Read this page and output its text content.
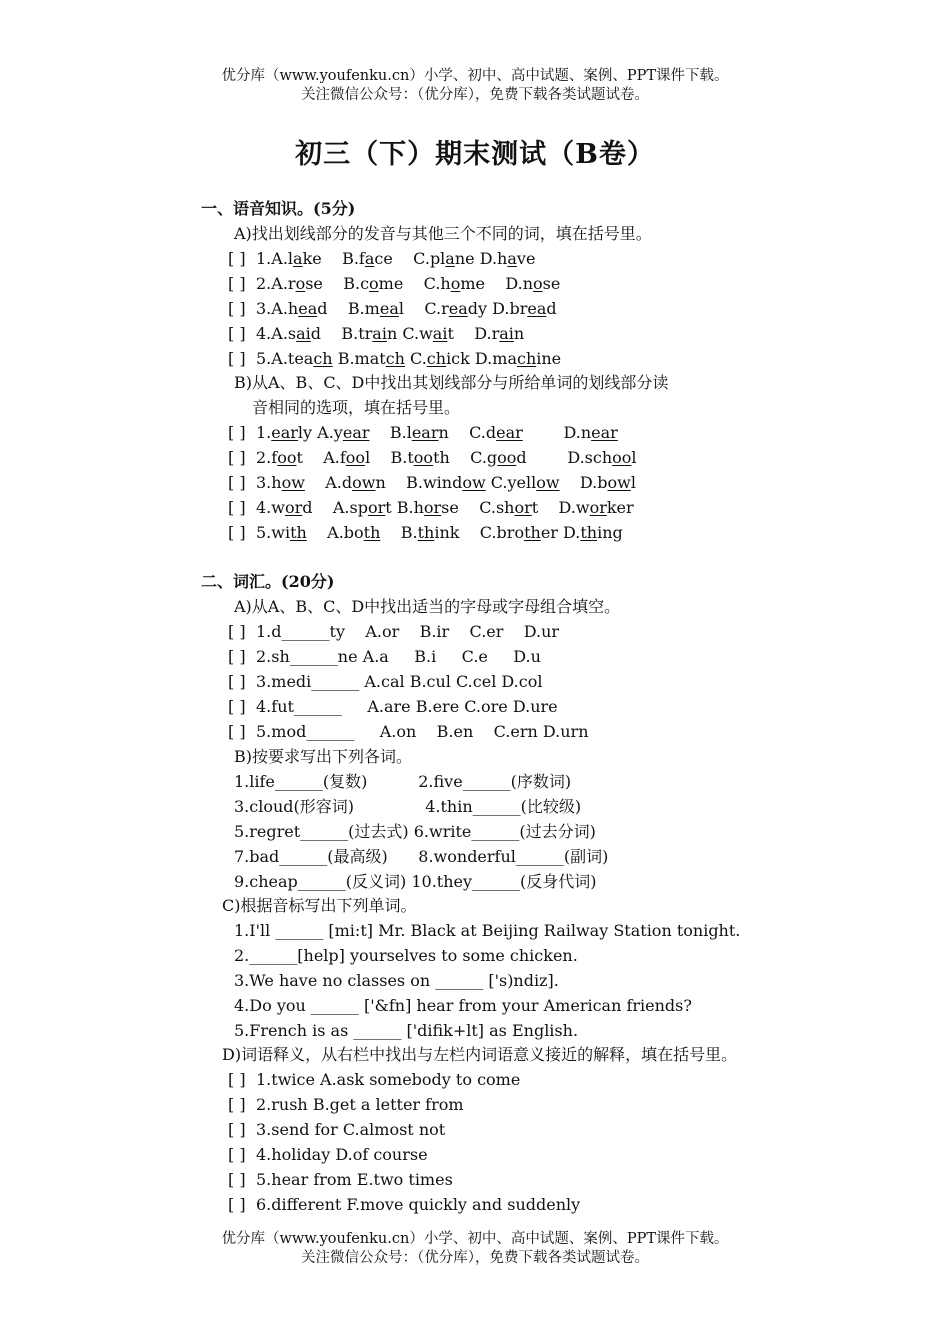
优分库（www.youfenku.cn）小学、初中、高中试题、案例、PPT课件下载。
关注微信公众号：（优分库），免费下载各类试题试卷。
初三（下）期末测试（B卷）
一、语音知识。(5分)
A)找出划线部分的发音与其他三个不同的词，填在括号里。
[ ] 1.A.lake    B.face    C.plane D.have
[ ] 2.A.rose    B.come    C.home    D.nose
[ ] 3.A.head    B.meal    C.ready D.bread
[ ] 4.A.said    B.train C.wait    D.rain
[ ] 5.A.teach B.match C.chick D.machine
B)从A、B、C、D中找出其划线部分与所给单词的划线部分读
音相同的选项，填在括号里。
[ ] 1.early A.year    B.learn    C.dear        D.near
[ ] 2.foot    A.fool    B.tooth    C.good        D.school
[ ] 3.how    A.down    B.window C.yellow    D.bowl
[ ] 4.word    A.sport B.horse    C.short    D.worker
[ ] 5.with    A.both    B.think    C.brother D.thing
二、词汇。(20分)
A)从A、B、C、D中找出适当的字母或字母组合填空。
[ ] 1.d______ty    A.or    B.ir    C.er    D.ur
[ ] 2.sh______ne A.a     B.i     C.e     D.u
[ ] 3.medi______ A.cal B.cul C.cel D.col
[ ] 4.fut______     A.are B.ere C.ore D.ure
[ ] 5.mod______     A.on    B.en    C.ern D.urn
B)按要求写出下列各词。
1.life______(复数)          2.five______(序数词)
3.cloud(形容词)              4.thin______(比较级)
5.regret______(过去式) 6.write______(过去分词)
7.bad______(最高级)      8.wonderful______(副词)
9.cheap______(反义词) 10.they______(反身代词)
C)根据音标写出下列单词。
1.I'll ______ [mi:t] Mr. Black at Beijing Railway Station tonight.
2.______[help] yourselves to some chicken.
3.We have no classes on ______ ['s)ndiz].
4.Do you ______ ['&fn] hear from your American friends?
5.French is as ______ ['difik+lt] as English.
D)词语释义，从右栏中找出与左栏内词语意义接近的解释，填在括号里。
[ ] 1.twice A.ask somebody to come
[ ] 2.rush B.get a letter from
[ ] 3.send for C.almost not
[ ] 4.holiday D.of course
[ ] 5.hear from E.two times
[ ] 6.different F.move quickly and suddenly
优分库（www.youfenku.cn）小学、初中、高中试题、案例、PPT课件下载。
关注微信公众号：（优分库），免费下载各类试题试卷。
